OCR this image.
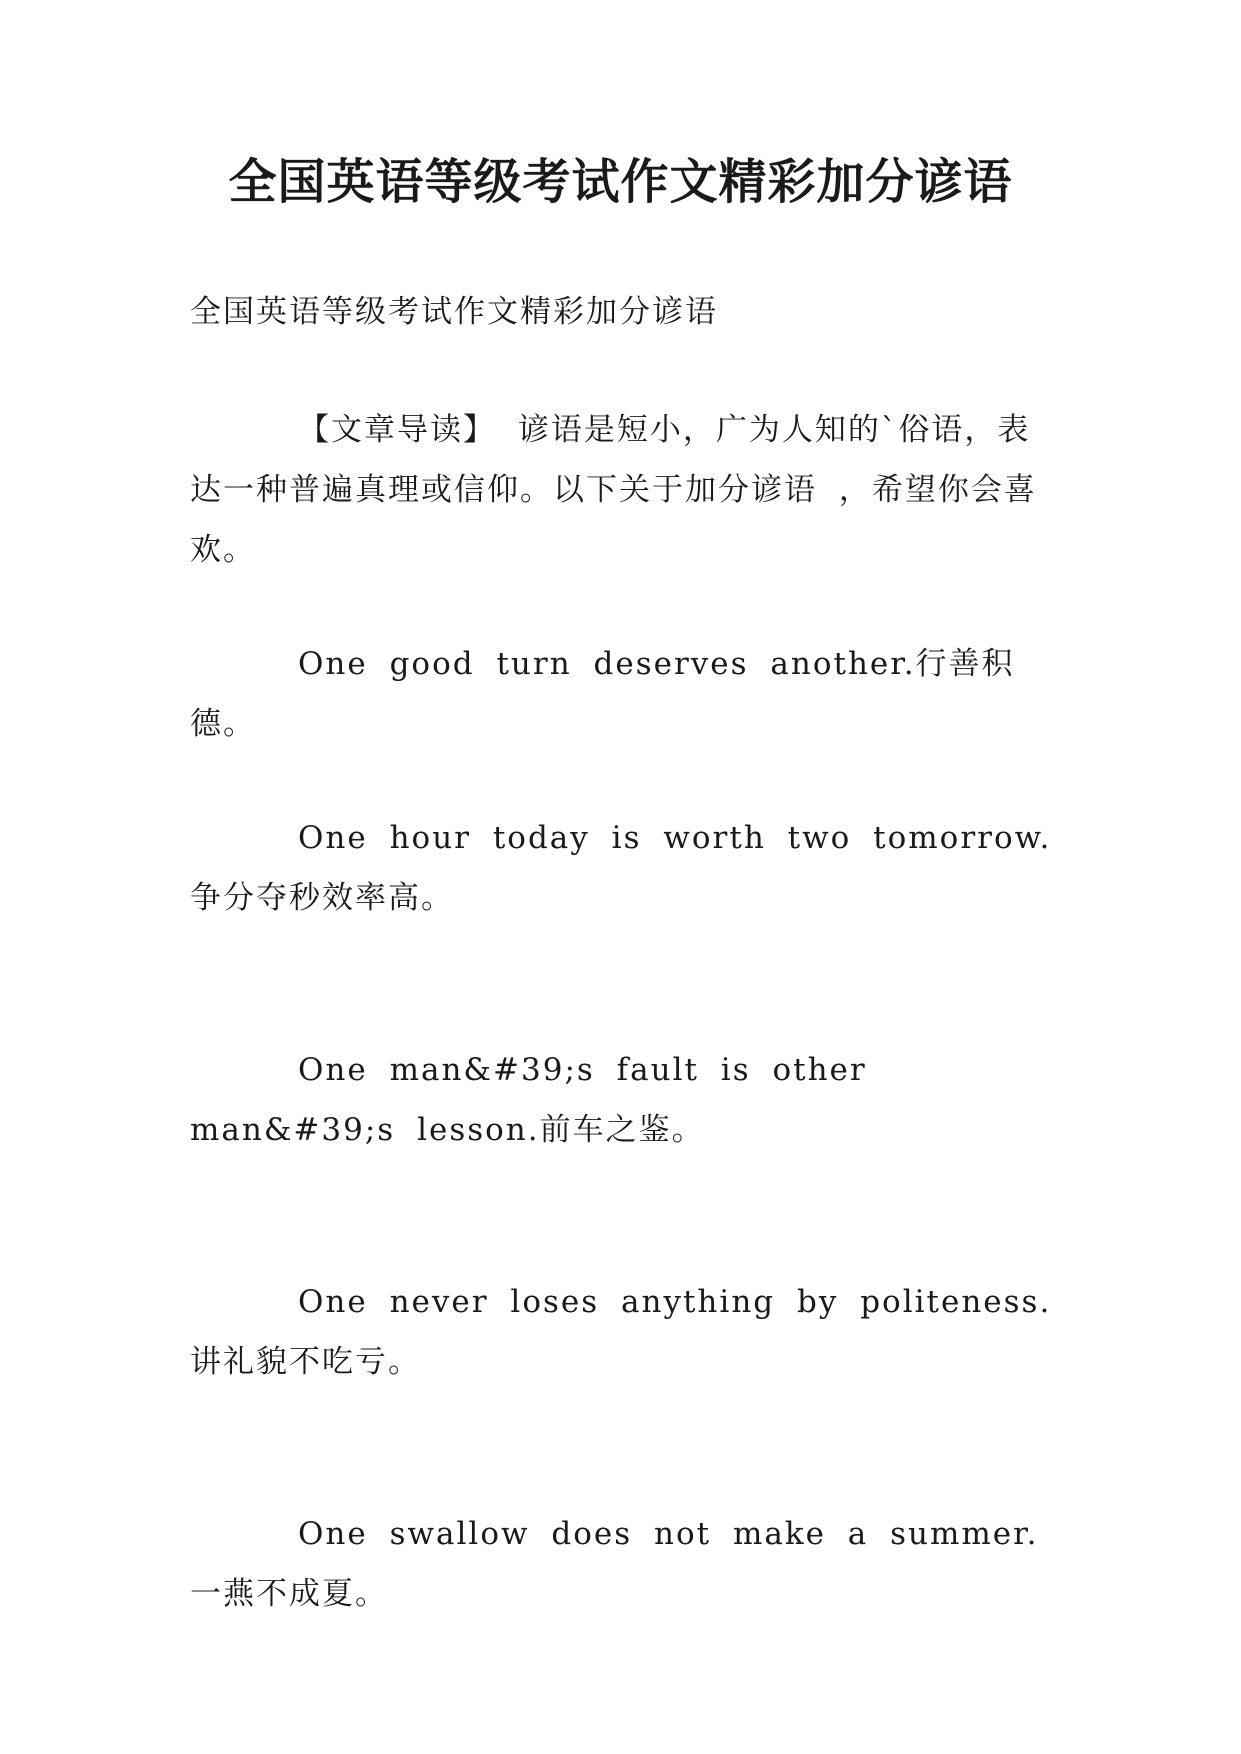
全国英语等级考试作文精彩加分谚语

全国英语等级考试作文精彩加分谚语

【文章导读】 谚语是短小，广为人知的`俗语，表达一种普遍真理或信仰。以下关于加分谚语 ，希望你会喜欢。

One good turn deserves another.行善积德。

One hour today is worth two tomorrow.争分夺秒效率高。

One man&#39;s fault is other man&#39;s lesson.前车之鉴。

One never loses anything by politeness.讲礼貌不吃亏。

One swallow does not make a summer.一燕不成夏。
